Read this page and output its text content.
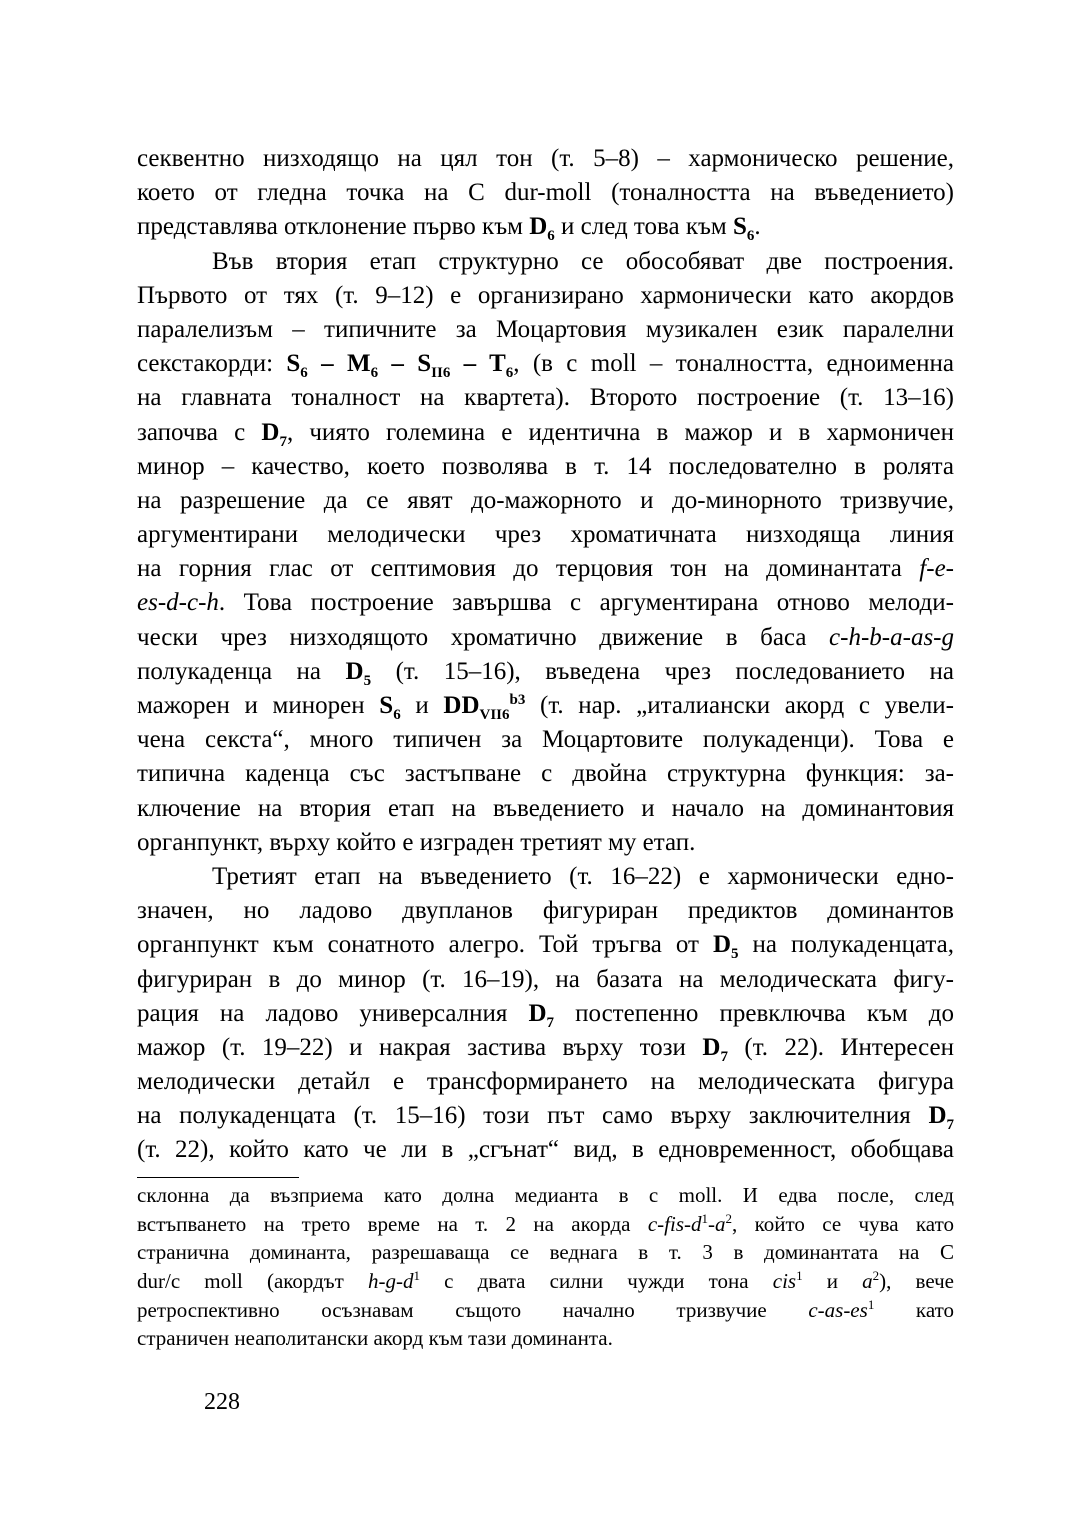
секвентно низходящо на цял тон (т. 5–8) – хармоническо решение,
което от гледна точка на C dur-moll (тоналността на въведението)
представлява отклонение първо към $D_6$ и след това към $S_6$.
Във втория етап структурно се обособяват две построения.
Първото от тях (т. 9–12) е организирано хармонически като акордов
паралелизъм – типичните за Моцартовия музикален език паралелни
секстакорди: $S_6 - M_6 - S_{II6} - T_6$, (в c moll – тоналността, едноименна
на главната тоналност на квартета). Второто построение (т. 13–16)
започва с $D_7$, чиято големина е идентична в мажор и в хармоничен
минор – качество, което позволява в т. 14 последователно в ролята
на разрешение да се явят до-мажорното и до-минорното тризвучие,
аргументирани мелодически чрез хроматичната низходяща линия
на горния глас от септимовия до терцовия тон на доминантата f-e-
es-d-c-h. Това построение завършва с аргументирана отново мелоди-
чески чрез низходящото хроматично движение в баса c-h-b-a-as-g
полукаденца на $D_5$ (т. 15–16), въведена чрез последованието на
мажорен и минорен $S_6$ и $DD_{VII6}^{b3}$ (т. нар. „италиански акорд с увели-
чена секста“, много типичен за Моцартовите полукаденци). Това е
типична каденца със застъпване с двойна структурна функция: за-
ключение на втория етап на въведението и начало на доминантовия
органпункт, върху който е изграден третият му етап.
Третият етап на въведението (т. 16–22) е хармонически едно-
значен, но ладово двупланов фигуриран предиктов доминантов
органпункт към сонатното алегро. Той тръгва от $D_5$ на полукаденцата,
фигуриран в до минор (т. 16–19), на базата на мелодическата фигу-
рация на ладово универсалния $D_7$ постепенно превключва към до
мажор (т. 19–22) и накрая застива върху този $D_7$ (т. 22). Интересен
мелодически детайл е трансформирането на мелодическата фигура
на полукаденцата (т. 15–16) този път само върху заключителния $D_7$
(т. 22), който като че ли в „сгънат“ вид, в едновременност, обобщава
склонна да възприема като долна медианта в c moll. И едва после, след
встъпването на трето време на т. 2 на акорда $c-fis-d^1-a^2$, който се чува като
странична доминанта, разрешаваща се веднага в т. 3 в доминантата на C
dur/c moll (акордът $h-g-d^1$ с двата силни чужди тона cis$^1$ и $a^2$), вече
ретроспективно осъзнавам същото начално тризвучие $c-as-es^1$ като
страничен неаполитански акорд към тази доминанта.
228
